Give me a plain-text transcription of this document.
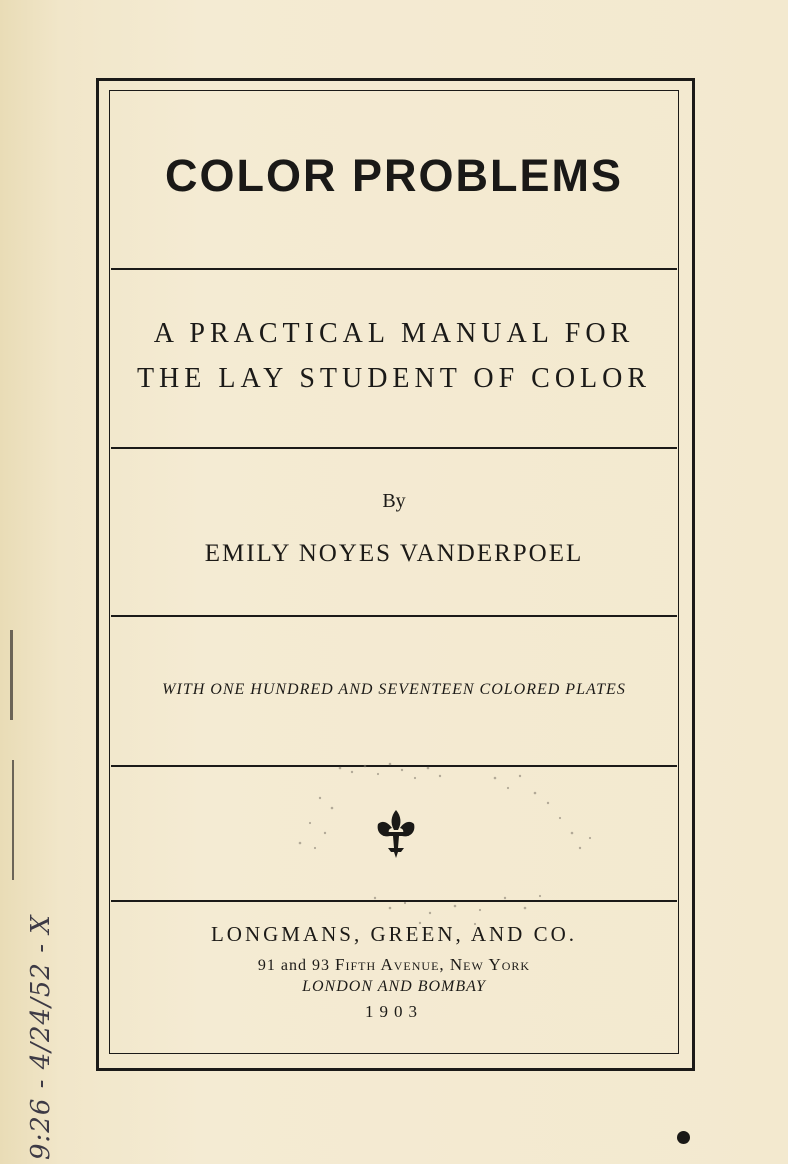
9:26 - 4/24/52 - X
COLOR PROBLEMS
A PRACTICAL MANUAL FOR
THE LAY STUDENT OF COLOR
By
EMILY NOYES VANDERPOEL
WITH ONE HUNDRED AND SEVENTEEN COLORED PLATES
LONGMANS, GREEN, AND CO.
91 and 93 Fifth Avenue, New York
LONDON AND BOMBAY
1903
